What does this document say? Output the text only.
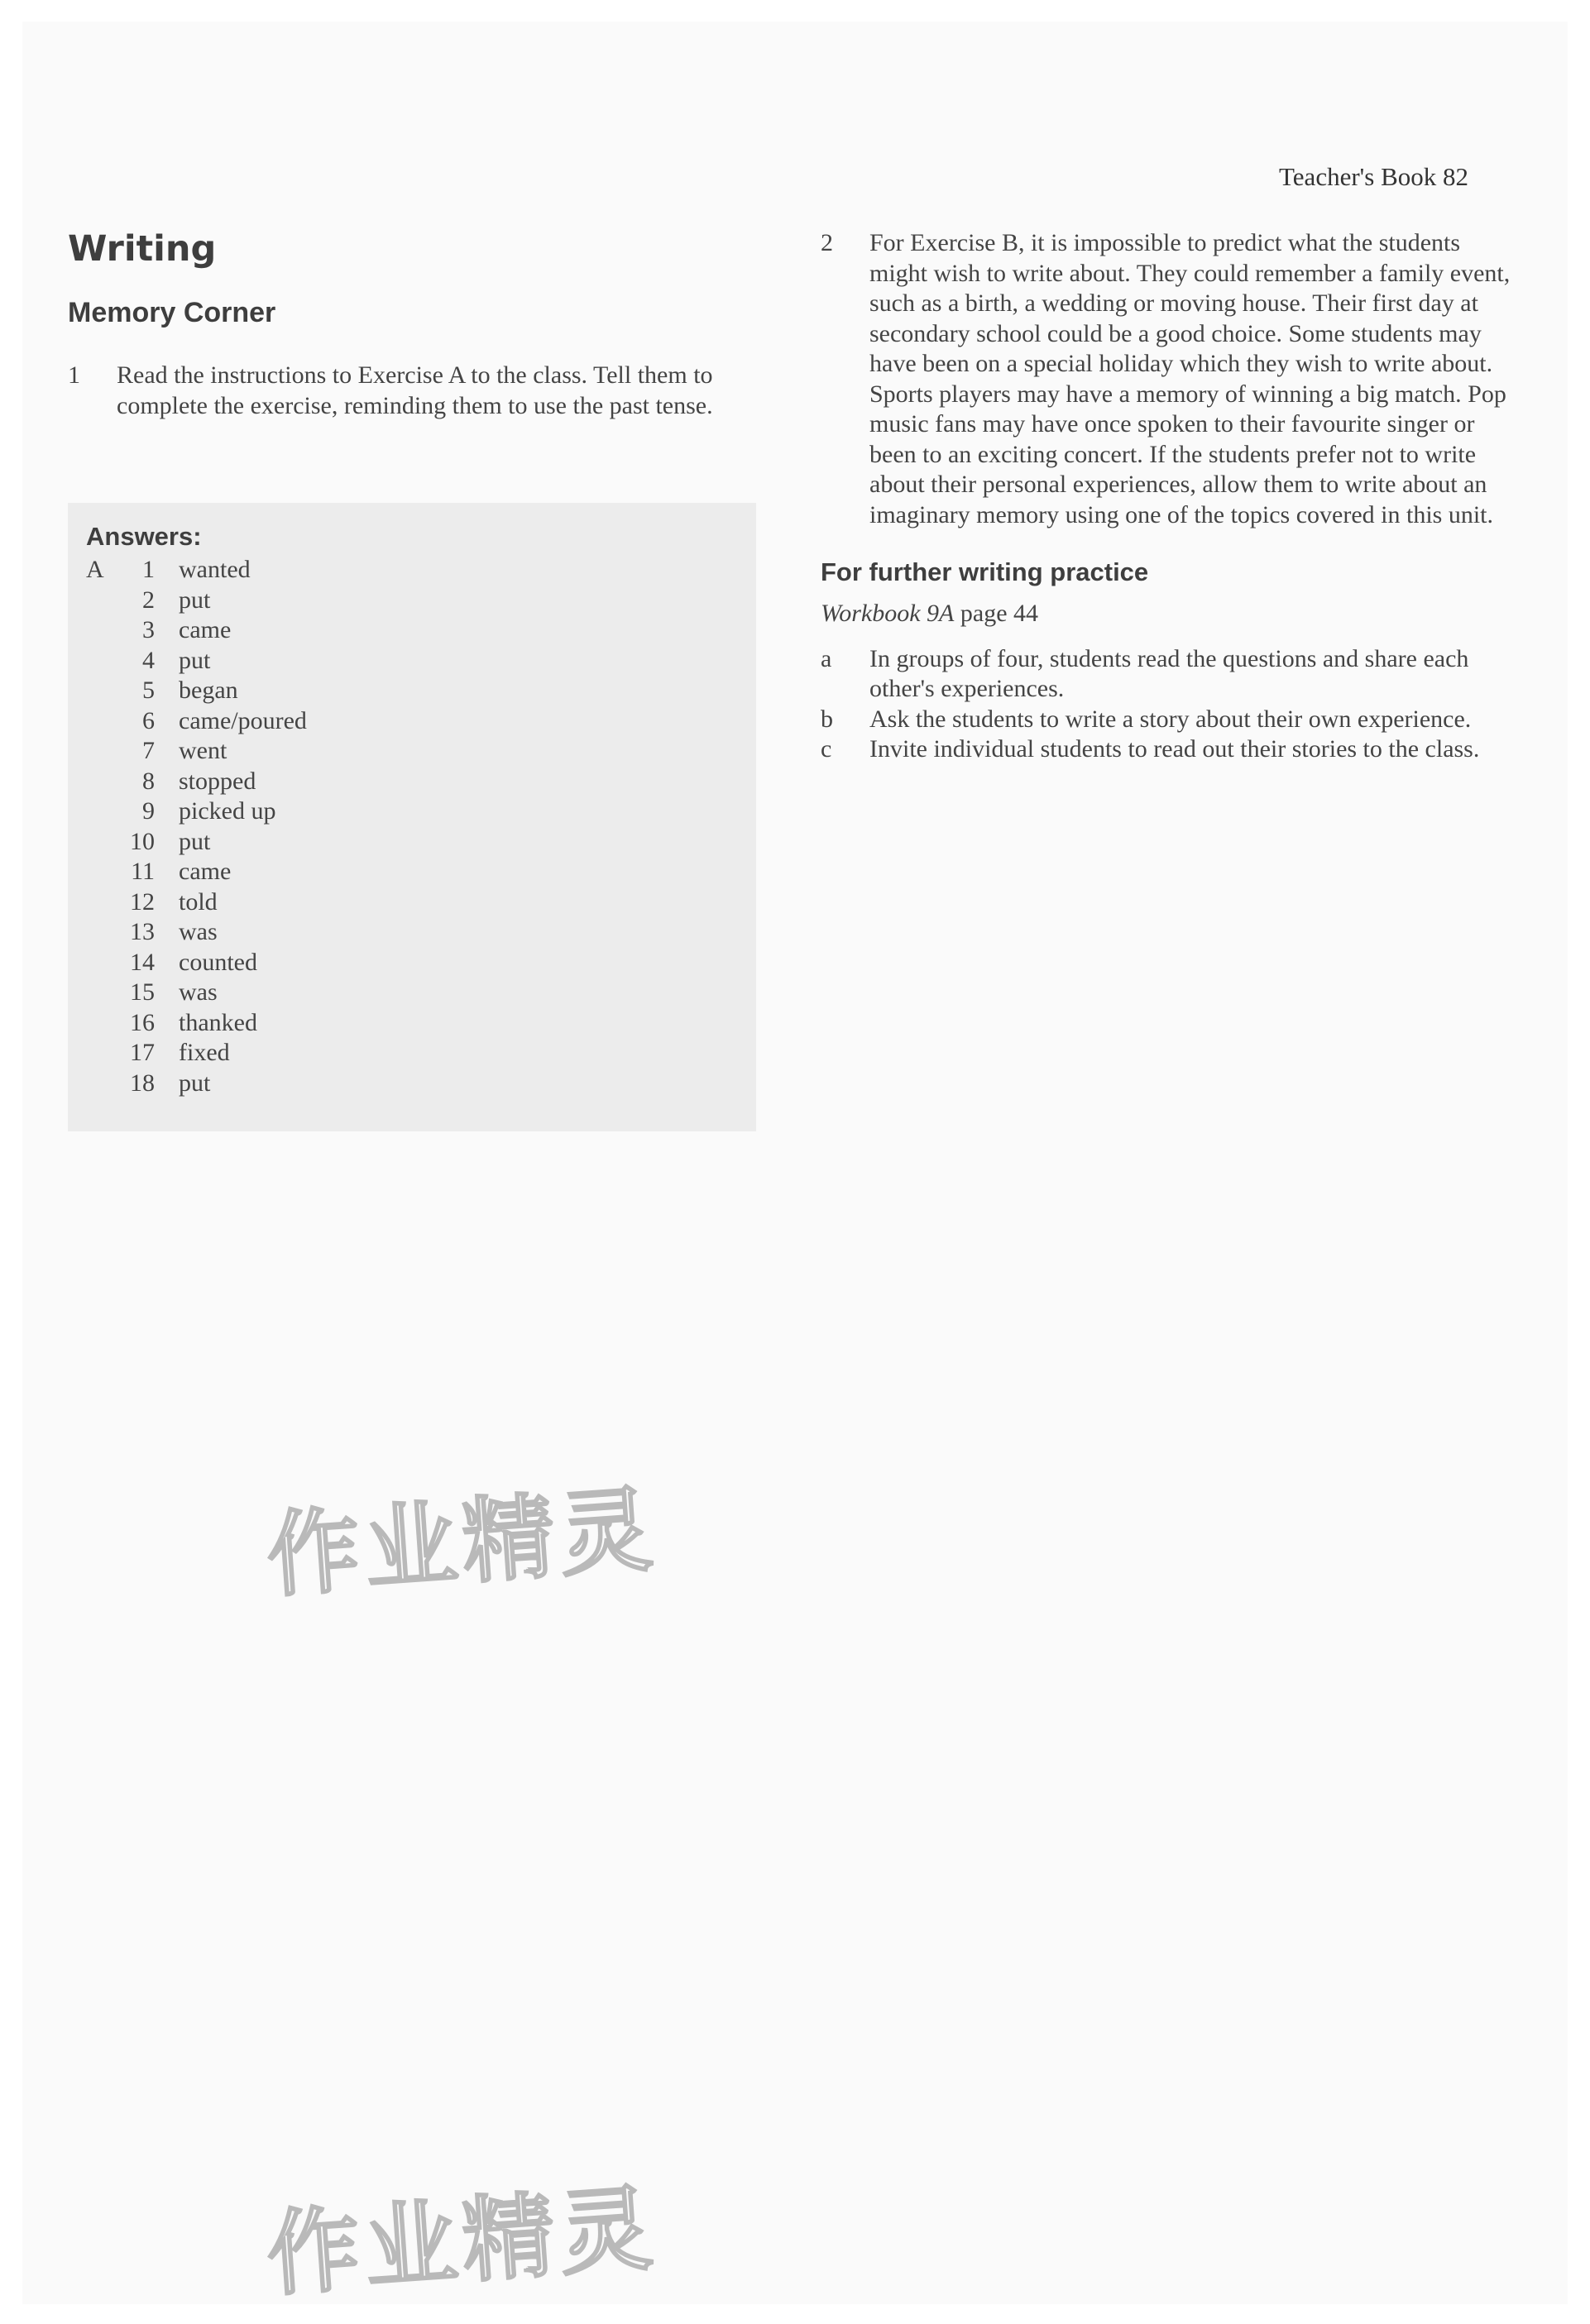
Teacher's Book 82
Writing
Memory Corner
1	Read the instructions to Exercise A to the class. Tell them to complete the exercise, reminding them to use the past tense.
Answers:
A	1 wanted
2 put
3 came
4 put
5 began
6 came/poured
7 went
8 stopped
9 picked up
10 put
11 came
12 told
13 was
14 counted
15 was
16 thanked
17 fixed
18 put
2	For Exercise B, it is impossible to predict what the students might wish to write about. They could remember a family event, such as a birth, a wedding or moving house. Their first day at secondary school could be a good choice. Some students may have been on a special holiday which they wish to write about. Sports players may have a memory of winning a big match. Pop music fans may have once spoken to their favourite singer or been to an exciting concert. If the students prefer not to write about their personal experiences, allow them to write about an imaginary memory using one of the topics covered in this unit.
For further writing practice
Workbook 9A page 44
a	In groups of four, students read the questions and share each other's experiences.
b	Ask the students to write a story about their own experience.
c	Invite individual students to read out their stories to the class.
作业精灵
作业精灵
